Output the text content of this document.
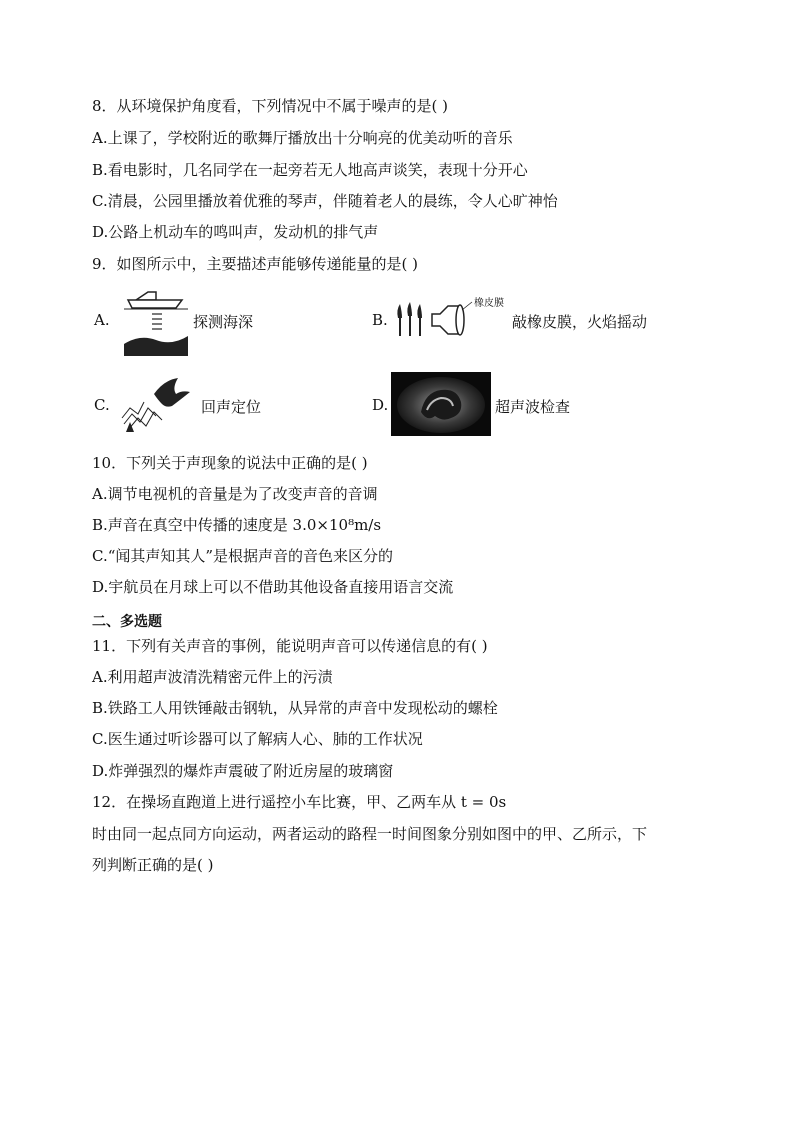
8．从环境保护角度看，下列情况中不属于噪声的是( )
A.上课了，学校附近的歌舞厅播放出十分响亮的优美动听的音乐
B.看电影时，几名同学在一起旁若无人地高声谈笑，表现十分开心
C.清晨，公园里播放着优雅的琴声，伴随着老人的晨练，令人心旷神怡
D.公路上机动车的鸣叫声，发动机的排气声
9．如图所示中，主要描述声能够传递能量的是( )
A.	探测海深	B.
橡皮膜
敲橡皮膜，火焰摇动
C.	回声定位	D.	超声波检查
10．下列关于声现象的说法中正确的是( )
A.调节电视机的音量是为了改变声音的音调
B.声音在真空中传播的速度是 3.0×10⁸m/s
C.“闻其声知其人”是根据声音的音色来区分的
D.宇航员在月球上可以不借助其他设备直接用语言交流
二、多选题
11．下列有关声音的事例，能说明声音可以传递信息的有( )
A.利用超声波清洗精密元件上的污渍
B.铁路工人用铁锤敲击钢轨，从异常的声音中发现松动的螺栓
C.医生通过听诊器可以了解病人心、肺的工作状况
D.炸弹强烈的爆炸声震破了附近房屋的玻璃窗
12．在操场直跑道上进行遥控小车比赛，甲、乙两车从 t = 0s
时由同一起点同方向运动，两者运动的路程一时间图象分别如图中的甲、乙所示，下
列判断正确的是( )
